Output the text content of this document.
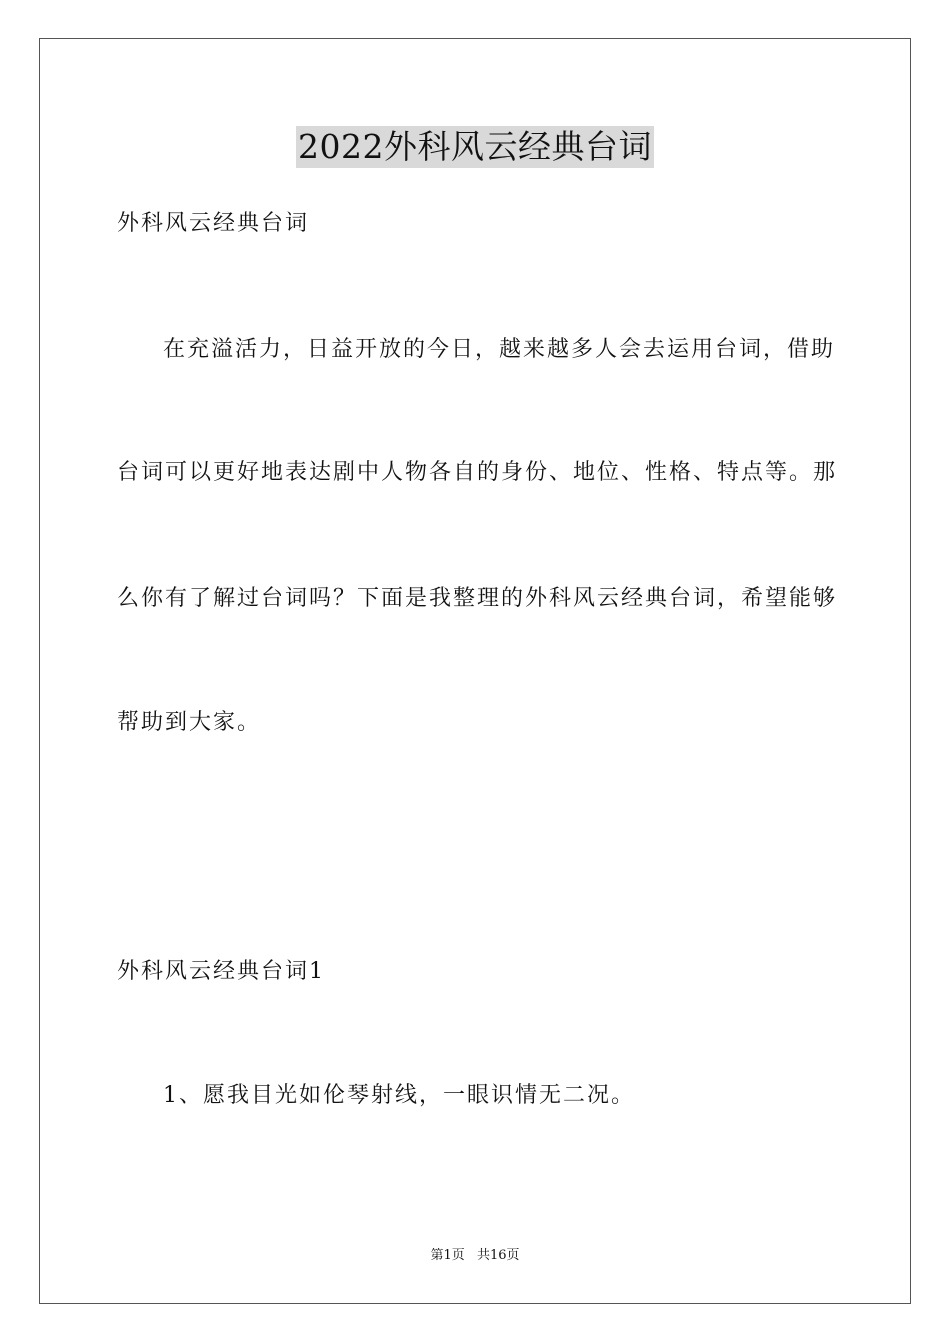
2022外科风云经典台词
外科风云经典台词
在充溢活力，日益开放的今日，越来越多人会去运用台词，借助
台词可以更好地表达剧中人物各自的身份、地位、性格、特点等。那
么你有了解过台词吗？下面是我整理的外科风云经典台词，希望能够
帮助到大家。
外科风云经典台词1
1、愿我目光如伦琴射线，一眼识情无二况。
第1页 共16页
